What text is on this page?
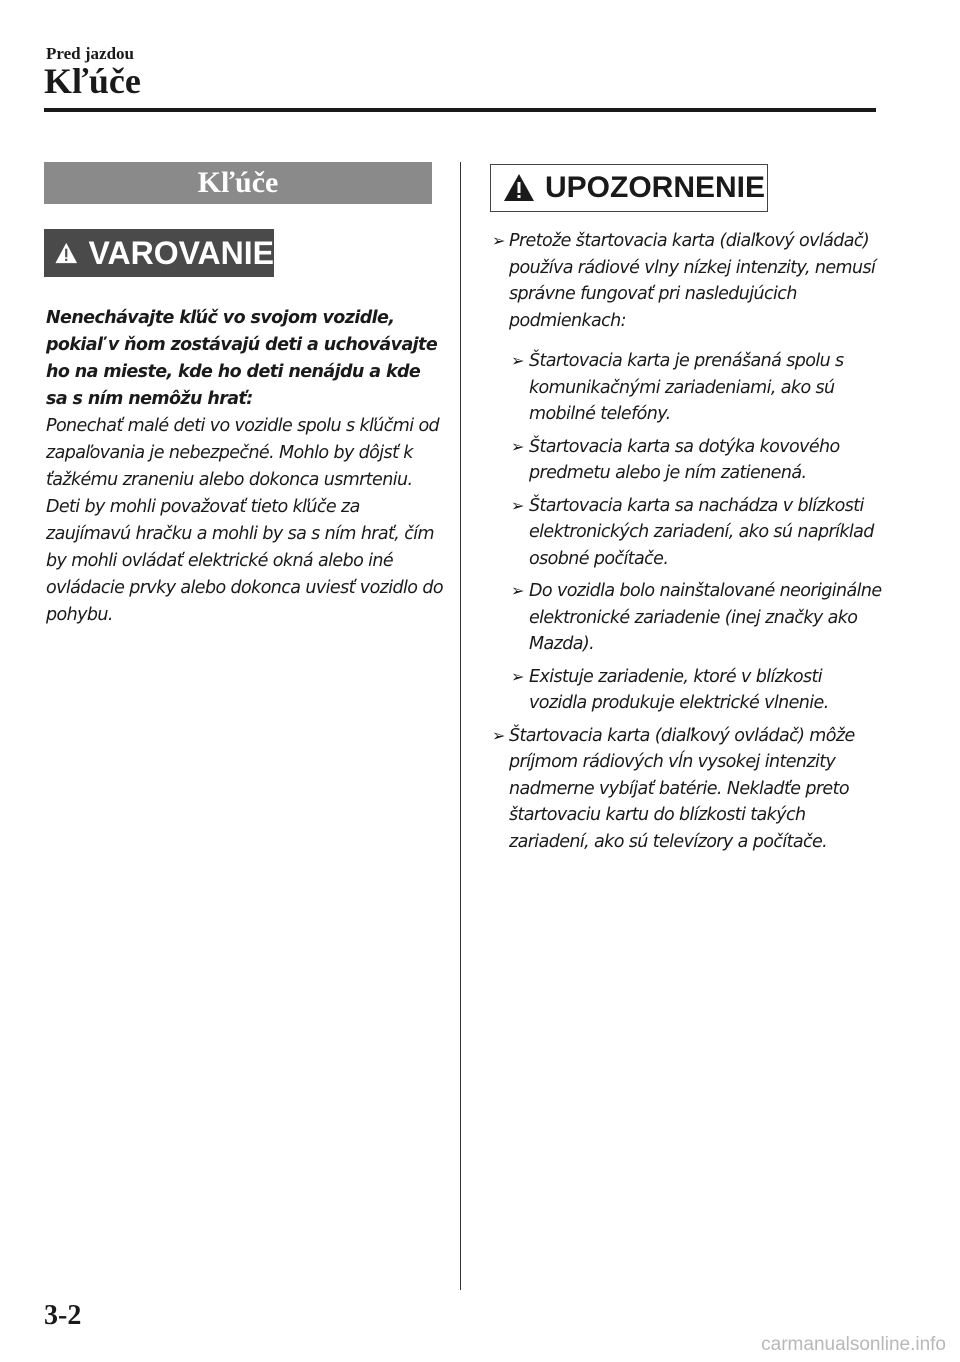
Pred jazdou
Kľúče
Kľúče
VAROVANIE

Nenechávajte kľúč vo svojom vozidle, pokiaľ v ňom zostávajú deti a uchovávajte ho na mieste, kde ho deti nenájdu a kde sa s ním nemôžu hrať:

Ponechať malé deti vo vozidle spolu s kľúčmi od zapaľovania je nebezpečné. Mohlo by dôjsť k ťažkému zraneniu alebo dokonca usmrteniu. Deti by mohli považovať tieto kľúče za zaujímavú hračku a mohli by sa s ním hrať, čím by mohli ovládať elektrické okná alebo iné ovládacie prvky alebo dokonca uviesť vozidlo do pohybu.

UPOZORNENIE
➢ Pretože štartovacia karta (diaľkový ovládač) používa rádiové vlny nízkej intenzity, nemusí správne fungovať pri nasledujúcich podmienkach:
➢ Štartovacia karta je prenášaná spolu s komunikačnými zariadeniami, ako sú mobilné telefóny.
➢ Štartovacia karta sa dotýka kovového predmetu alebo je ním zatienená.
➢ Štartovacia karta sa nachádza v blízkosti elektronických zariadení, ako sú napríklad osobné počítače.
➢ Do vozidla bolo nainštalované neoriginálne elektronické zariadenie (inej značky ako Mazda).
➢ Existuje zariadenie, ktoré v blízkosti vozidla produkuje elektrické vlnenie.
➢ Štartovacia karta (diaľkový ovládač) môže príjmom rádiových vĺn vysokej intenzity nadmerne vybíjať batérie. Nekladťe preto štartovaciu kartu do blízkosti takých zariadení, ako sú televízory a počítače.
3-2
carmanualsonline.info
